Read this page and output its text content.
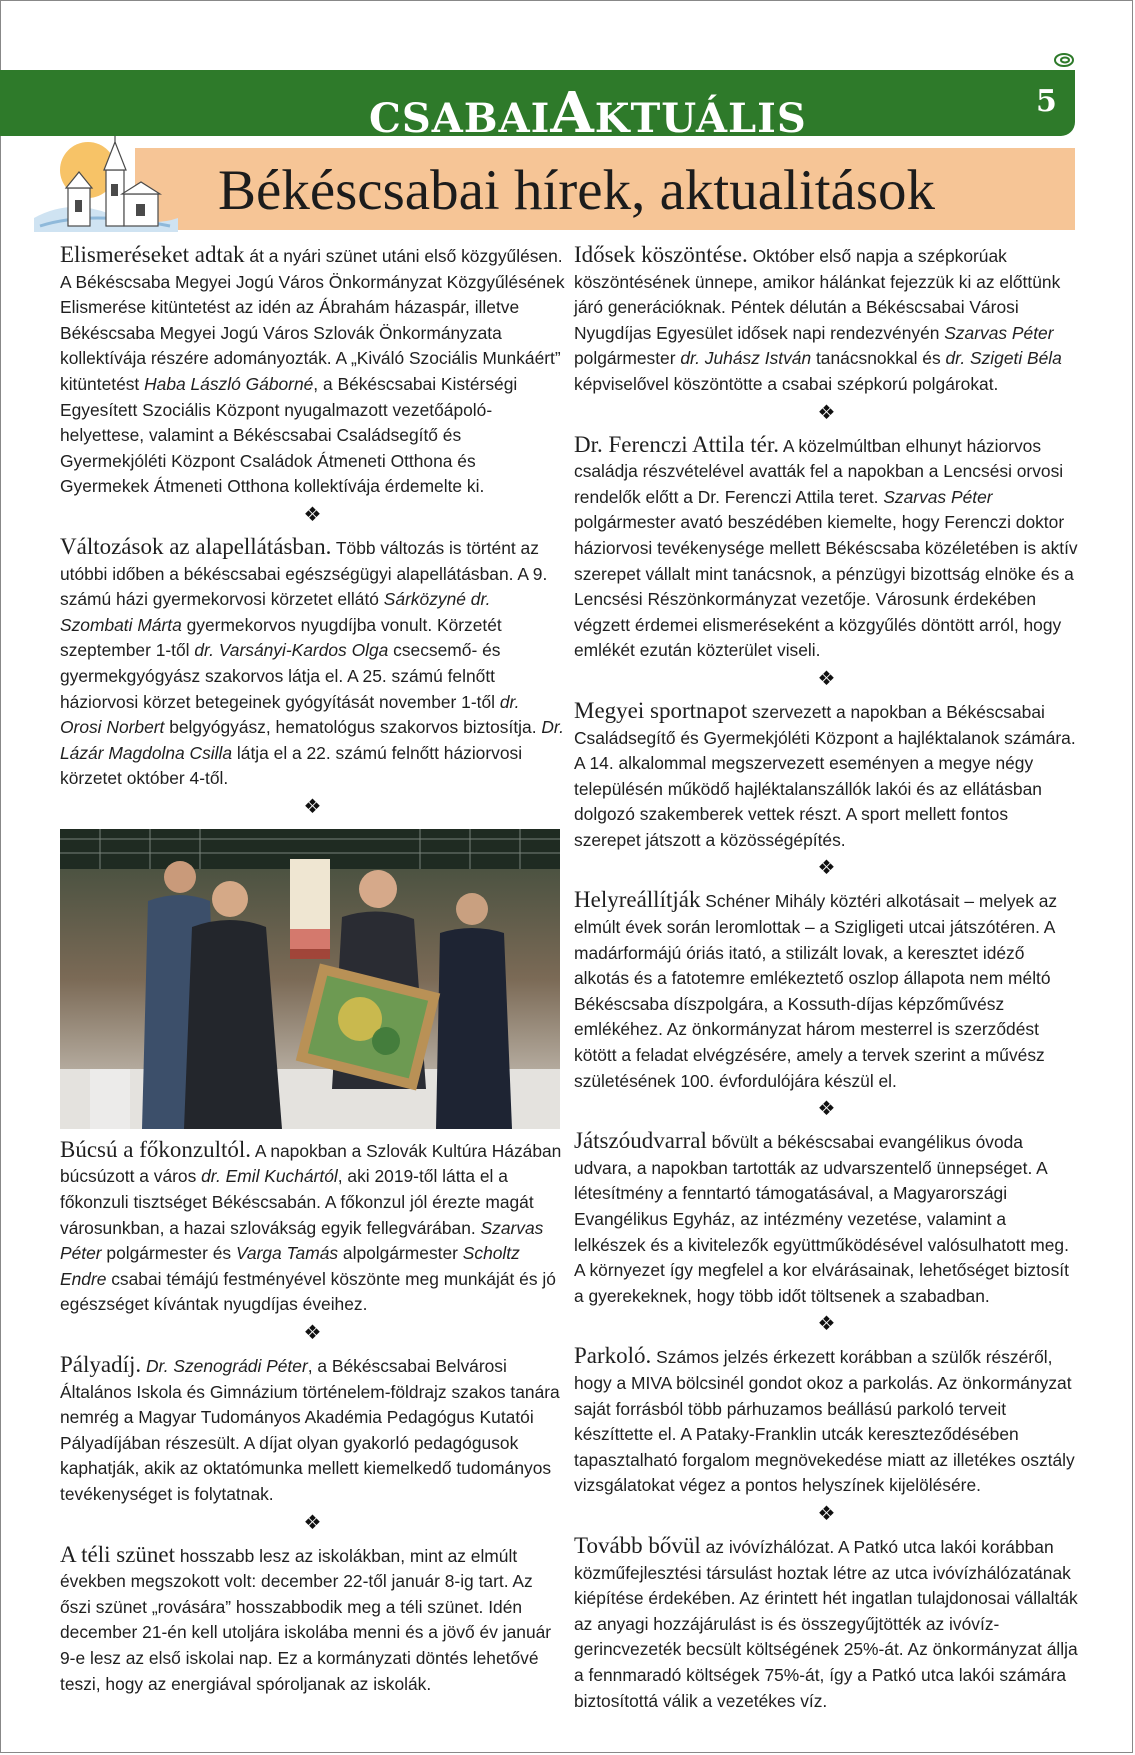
CSABAIAKTUÁLIS	5
Békéscsabai hírek, aktualitások

Elismeréseket adtak át a nyári szünet utáni első közgyűlésen. A Békéscsaba Megyei Jogú Város Önkormányzat Közgyűlésének Elismerése kitüntetést az idén az Ábrahám házaspár, illetve Békéscsaba Megyei Jogú Város Szlovák Önkormányzata kollektívája részére adományozták. A „Kiváló Szociális Munkáért” kitüntetést Haba László Gáborné, a Békéscsabai Kistérségi Egyesített Szociális Központ nyugalmazott vezetőápoló-helyettese, valamint a Békéscsabai Családsegítő és Gyermekjóléti Központ Családok Átmeneti Otthona és Gyermekek Átmeneti Otthona kollektívája érdemelte ki.

❖

Változások az alapellátásban. Több változás is történt az utóbbi időben a békéscsabai egészségügyi alapellátásban. A 9. számú házi gyermekorvosi körzetet ellátó Sárközyné dr. Szombati Márta gyermekorvos nyugdíjba vonult. Körzetét szeptember 1-től dr. Varsányi-Kardos Olga csecsemő- és gyermekgyógyász szakorvos látja el. A 25. számú felnőtt háziorvosi körzet betegeinek gyógyítását november 1-től dr. Orosi Norbert belgyógyász, hematológus szakorvos biztosítja. Dr. Lázár Magdolna Csilla látja el a 22. számú felnőtt háziorvosi körzetet október 4-től.

❖

Búcsú a főkonzultól. A napokban a Szlovák Kultúra Házában búcsúzott a város dr. Emil Kuchártól, aki 2019-től látta el a főkonzuli tisztséget Békéscsabán. A főkonzul jól érezte magát városunkban, a hazai szlovákság egyik fellegvárában. Szarvas Péter polgármester és Varga Tamás alpolgármester Scholtz Endre csabai témájú festményével köszönte meg munkáját és jó egészséget kívántak nyugdíjas éveihez.

❖

Pályadíj. Dr. Szenográdi Péter, a Békéscsabai Belvárosi Általános Iskola és Gimnázium történelem-földrajz szakos tanára nemrég a Magyar Tudományos Akadémia Pedagógus Kutatói Pályadíjában részesült. A díjat olyan gyakorló pedagógusok kaphatják, akik az oktatómunka mellett kiemelkedő tudományos tevékenységet is folytatnak.

❖

A téli szünet hosszabb lesz az iskolákban, mint az elmúlt években megszokott volt: december 22-től január 8-ig tart. Az őszi szünet „rovására” hosszabbodik meg a téli szünet. Idén december 21-én kell utoljára iskolába menni és a jövő év január 9-e lesz az első iskolai nap. Ez a kormányzati döntés lehetővé teszi, hogy az energiával spóroljanak az iskolák.

Idősek köszöntése. Október első napja a szépkorúak köszöntésének ünnepe, amikor hálánkat fejezzük ki az előttünk járó generációknak. Péntek délután a Békéscsabai Városi Nyugdíjas Egyesület idősek napi rendezvényén Szarvas Péter polgármester dr. Juhász István tanácsnokkal és dr. Szigeti Béla képviselővel köszöntötte a csabai szépkorú polgárokat.

❖

Dr. Ferenczi Attila tér. A közelmúltban elhunyt háziorvos családja részvételével avatták fel a napokban a Lencsési orvosi rendelők előtt a Dr. Ferenczi Attila teret. Szarvas Péter polgármester avató beszédében kiemelte, hogy Ferenczi doktor háziorvosi tevékenysége mellett Békéscsaba közéletében is aktív szerepet vállalt mint tanácsnok, a pénzügyi bizottság elnöke és a Lencsési Részönkormányzat vezetője. Városunk érdekében végzett érdemei elismeréseként a közgyűlés döntött arról, hogy emlékét ezután közterület viseli.

❖

Megyei sportnapot szervezett a napokban a Békéscsabai Családsegítő és Gyermekjóléti Központ a hajléktalanok számára. A 14. alkalommal megszervezett eseményen a megye négy településén működő hajléktalanszállók lakói és az ellátásban dolgozó szakemberek vettek részt. A sport mellett fontos szerepet játszott a közösségépítés.

❖

Helyreállítják Schéner Mihály köztéri alkotásait – melyek az elmúlt évek során leromlottak – a Szigligeti utcai játszótéren. A madárformájú óriás itató, a stilizált lovak, a keresztet idéző alkotás és a fatotemre emlékeztető oszlop állapota nem méltó Békéscsaba díszpolgára, a Kossuth-díjas képzőművész emlékéhez. Az önkormányzat három mesterrel is szerződést kötött a feladat elvégzésére, amely a tervek szerint a művész születésének 100. évfordulójára készül el.

❖

Játszóudvarral bővült a békéscsabai evangélikus óvoda udvara, a napokban tartották az udvarszentelő ünnepséget. A létesítmény a fenntartó támogatásával, a Magyarországi Evangélikus Egyház, az intézmény vezetése, valamint a lelkészek és a kivitelezők együttműködésével valósulhatott meg. A környezet így megfelel a kor elvárásainak, lehetőséget biztosít a gyerekeknek, hogy több időt töltsenek a szabadban.

❖

Parkoló. Számos jelzés érkezett korábban a szülők részéről, hogy a MIVA bölcsinél gondot okoz a parkolás. Az önkormányzat saját forrásból több párhuzamos beállású parkoló terveit készíttette el. A Pataky-Franklin utcák kereszteződésében tapasztalható forgalom megnövekedése miatt az illetékes osztály vizsgálatokat végez a pontos helyszínek kijelölésére.

❖

Tovább bővül az ivóvízhálózat. A Patkó utca lakói korábban közműfejlesztési társulást hoztak létre az utca ivóvízhálózatának kiépítése érdekében. Az érintett hét ingatlan tulajdonosai vállalták az anyagi hozzájárulást is és összegyűjtötték az ivóvíz-gerincvezeték becsült költségének 25%-át. Az önkormányzat állja a fennmaradó költségek 75%-át, így a Patkó utca lakói számára biztosítottá válik a vezetékes víz.
